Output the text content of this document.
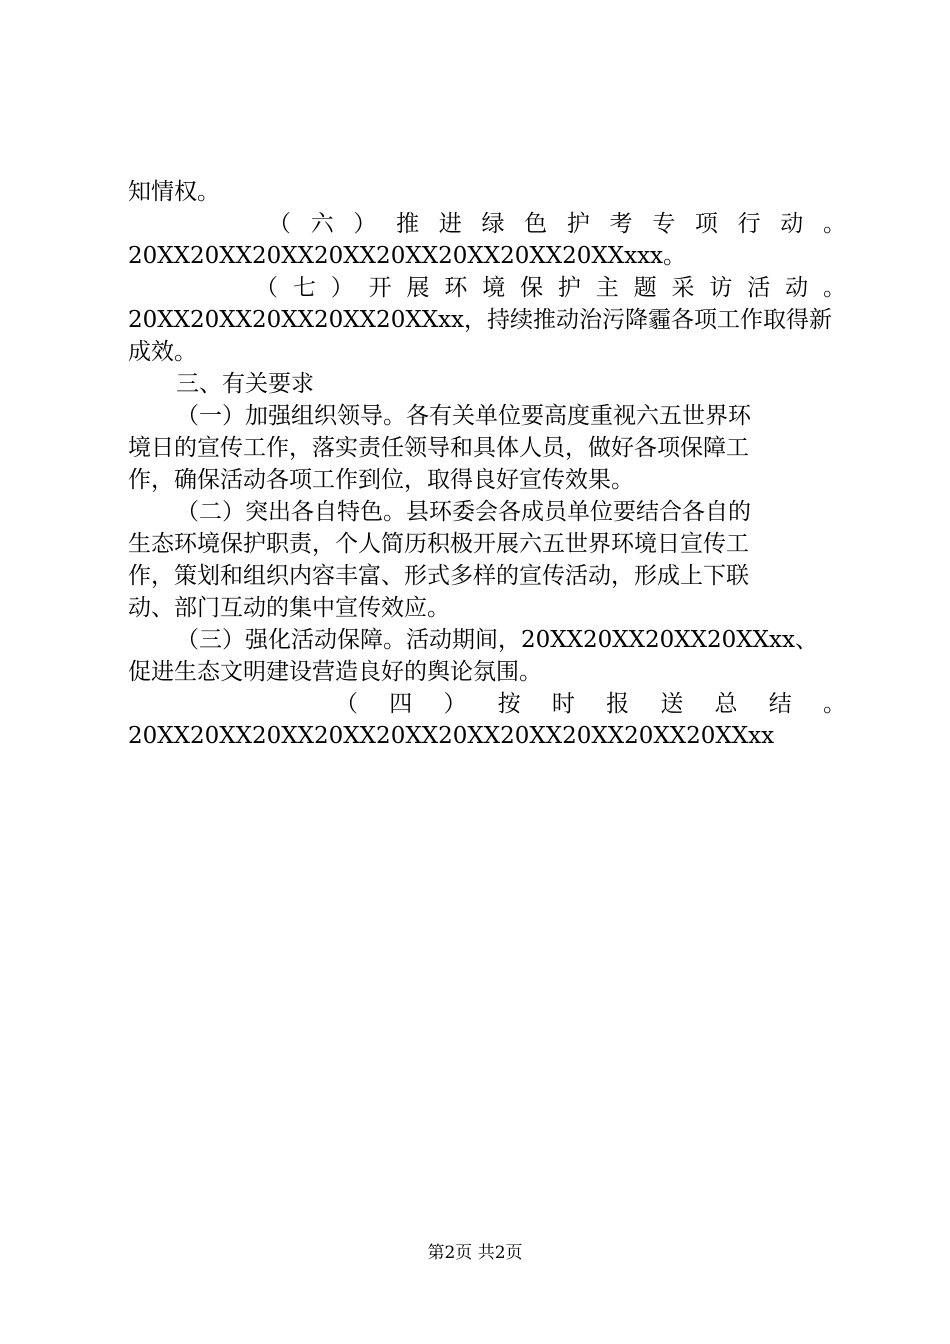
知情权。
（六）推进绿色护考专项行动。
20XX20XX20XX20XX20XX20XX20XX20XXxxx。
（七）开展环境保护主题采访活动。
20XX20XX20XX20XX20XXxx，持续推动治污降霾各项工作取得新
成效。
三、有关要求
（一）加强组织领导。各有关单位要高度重视六五世界环
境日的宣传工作，落实责任领导和具体人员，做好各项保障工
作，确保活动各项工作到位，取得良好宣传效果。
（二）突出各自特色。县环委会各成员单位要结合各自的
生态环境保护职责，个人简历积极开展六五世界环境日宣传工
作，策划和组织内容丰富、形式多样的宣传活动，形成上下联
动、部门互动的集中宣传效应。
（三）强化活动保障。活动期间，20XX20XX20XX20XXxx、
促进生态文明建设营造良好的舆论氛围。
（四）按时报送总结。
20XX20XX20XX20XX20XX20XX20XX20XX20XX20XXxx
第2页 共2页
